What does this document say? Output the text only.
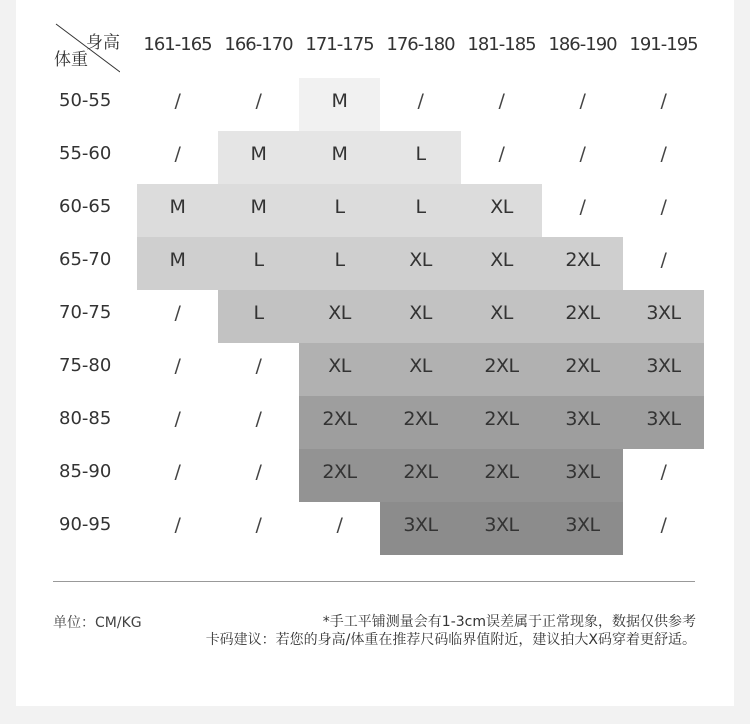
身高
体重
161-165 166-170 171-175 176-180 181-185 186-190 191-195
50-55	/	/	M	/	/	/	/
55-60	/	M	M	L	/	/	/
60-65	M	M	L	L	XL	/	/
65-70	M	L	L	XL	XL	2XL	/
70-75	/	L	XL	XL	XL	2XL	3XL
75-80	/	/	XL	XL	2XL	2XL	3XL
80-85	/	/	2XL	2XL	2XL	3XL	3XL
85-90	/	/	2XL	2XL	2XL	3XL	/
90-95	/	/	/	3XL	3XL	3XL	/
单位：CM/KG	*手工平铺测量会有1-3cm误差属于正常现象，数据仅供参考
卡码建议：若您的身高/体重在推荐尺码临界值附近，建议拍大X码穿着更舒适。
